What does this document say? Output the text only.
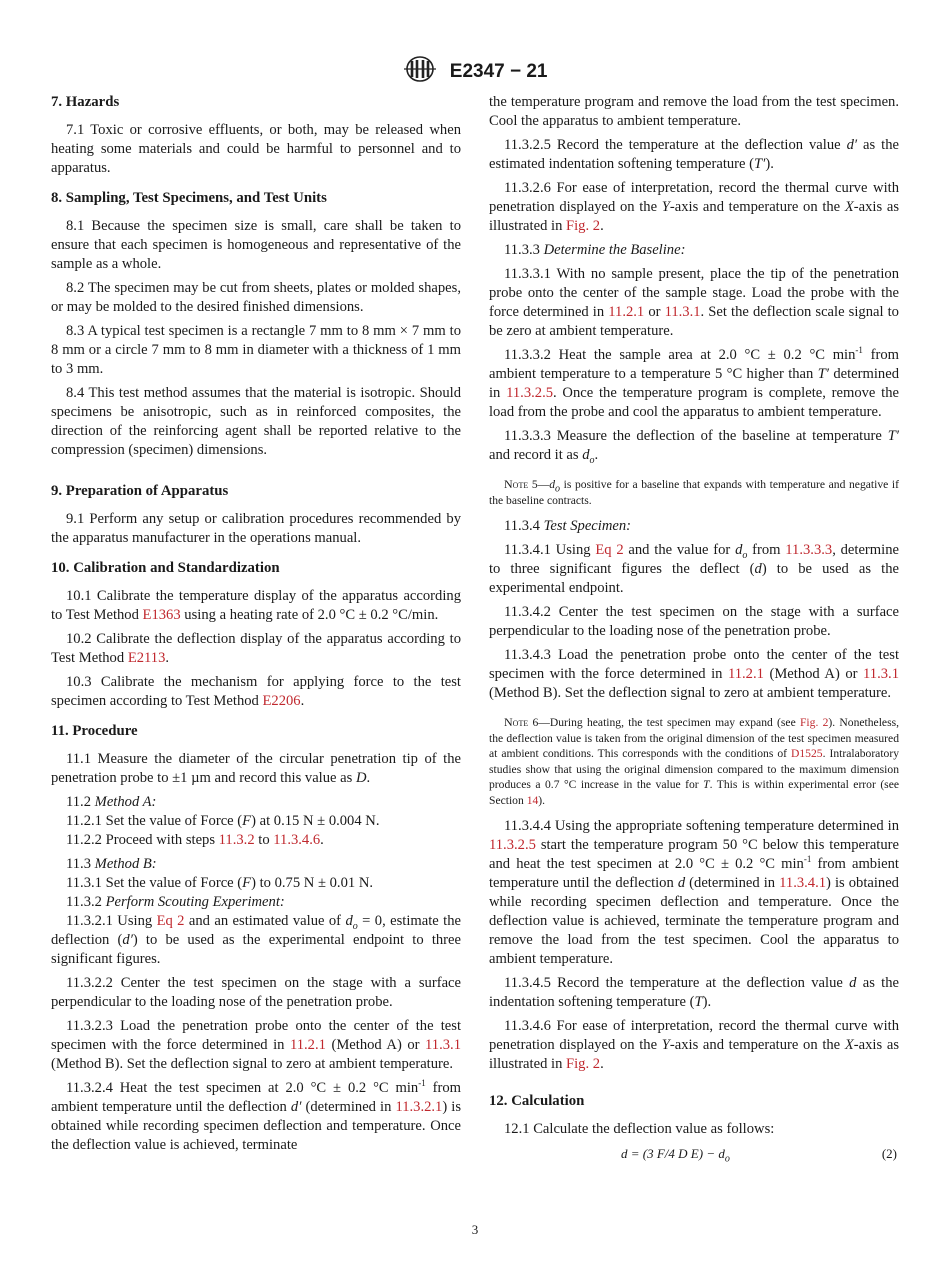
E2347 − 21
7. Hazards

7.1 Toxic or corrosive effluents, or both, may be released when heating some materials and could be harmful to personnel and to apparatus.

8. Sampling, Test Specimens, and Test Units

8.1 Because the specimen size is small, care shall be taken to ensure that each specimen is homogeneous and representative of the sample as a whole.

8.2 The specimen may be cut from sheets, plates or molded shapes, or may be molded to the desired finished dimensions.

8.3 A typical test specimen is a rectangle 7 mm to 8 mm × 7 mm to 8 mm or a circle 7 mm to 8 mm in diameter with a thickness of 1 mm to 3 mm.

8.4 This test method assumes that the material is isotropic. Should specimens be anisotropic, such as in reinforced composites, the direction of the reinforcing agent shall be reported relative to the compression (specimen) dimensions.

9. Preparation of Apparatus

9.1 Perform any setup or calibration procedures recommended by the apparatus manufacturer in the operations manual.

10. Calibration and Standardization

10.1 Calibrate the temperature display of the apparatus according to Test Method E1363 using a heating rate of 2.0 °C ± 0.2 °C/min.

10.2 Calibrate the deflection display of the apparatus according to Test Method E2113.

10.3 Calibrate the mechanism for applying force to the test specimen according to Test Method E2206.

11. Procedure

11.1 Measure the diameter of the circular penetration tip of the penetration probe to ±1 µm and record this value as D.

11.2 Method A:

11.2.1 Set the value of Force (F) at 0.15 N ± 0.004 N.

11.2.2 Proceed with steps 11.3.2 to 11.3.4.6.

11.3 Method B:

11.3.1 Set the value of Force (F) to 0.75 N ± 0.01 N.

11.3.2 Perform Scouting Experiment:

11.3.2.1 Using Eq 2 and an estimated value of $d_o = 0$, estimate the deflection (d′) to be used as the experimental endpoint to three significant figures.

11.3.2.2 Center the test specimen on the stage with a surface perpendicular to the loading nose of the penetration probe.

11.3.2.3 Load the penetration probe onto the center of the test specimen with the force determined in 11.2.1 (Method A) or 11.3.1 (Method B). Set the deflection signal to zero at ambient temperature.

11.3.2.4 Heat the test specimen at 2.0 °C ± 0.2 °C $\min^{-1}$ from ambient temperature until the deflection d′ (determined in 11.3.2.1) is obtained while recording specimen deflection and temperature. Once the deflection value is achieved, terminate

the temperature program and remove the load from the test specimen. Cool the apparatus to ambient temperature.

11.3.2.5 Record the temperature at the deflection value d′ as the estimated indentation softening temperature (T′).

11.3.2.6 For ease of interpretation, record the thermal curve with penetration displayed on the Y-axis and temperature on the X-axis as illustrated in Fig. 2.

11.3.3 Determine the Baseline:

11.3.3.1 With no sample present, place the tip of the penetration probe onto the center of the sample stage. Load the probe with the force determined in 11.2.1 or 11.3.1. Set the deflection scale signal to be zero at ambient temperature.

11.3.3.2 Heat the sample area at 2.0 °C ± 0.2 °C $\min^{-1}$ from ambient temperature to a temperature 5 °C higher than T′ determined in 11.3.2.5. Once the temperature program is complete, remove the load from the probe and cool the apparatus to ambient temperature.

11.3.3.3 Measure the deflection of the baseline at temperature T′ and record it as $d_o$.

Note $5—d_o$ is positive for a baseline that expands with temperature and negative if the baseline contracts.

11.3.4 Test Specimen:

11.3.4.1 Using Eq 2 and the value for $d_o$ from 11.3.3.3, determine to three significant figures the deflect (d) to be used as the experimental endpoint.

11.3.4.2 Center the test specimen on the stage with a surface perpendicular to the loading nose of the penetration probe.

11.3.4.3 Load the penetration probe onto the center of the test specimen with the force determined in 11.2.1 (Method A) or 11.3.1 (Method B). Set the deflection signal to zero at ambient temperature.

Note 6—During heating, the test specimen may expand (see Fig. 2). Nonetheless, the deflection value is taken from the original dimension of the test specimen measured at ambient conditions. This corresponds with the conditions of D1525. Intralaboratory studies show that using the original dimension compared to the maximum dimension produces a 0.7 °C increase in the value for T. This is within experimental error (see Section 14).

11.3.4.4 Using the appropriate softening temperature determined in 11.3.2.5 start the temperature program 50 °C below this temperature and heat the test specimen at 2.0 °C ± 0.2 °C $\min^{-1}$ from ambient temperature until the deflection d (determined in 11.3.4.1) is obtained while recording specimen deflection and temperature. Once the deflection value is achieved, terminate the temperature program and remove the load from the test specimen. Cool the apparatus to ambient temperature.

11.3.4.5 Record the temperature at the deflection value d as the indentation softening temperature (T).

11.3.4.6 For ease of interpretation, record the thermal curve with penetration displayed on the Y-axis and temperature on the X-axis as illustrated in Fig. 2.

12. Calculation

12.1 Calculate the deflection value as follows:

d = (3 F/4 D $E) - d_o$	(2)
3
